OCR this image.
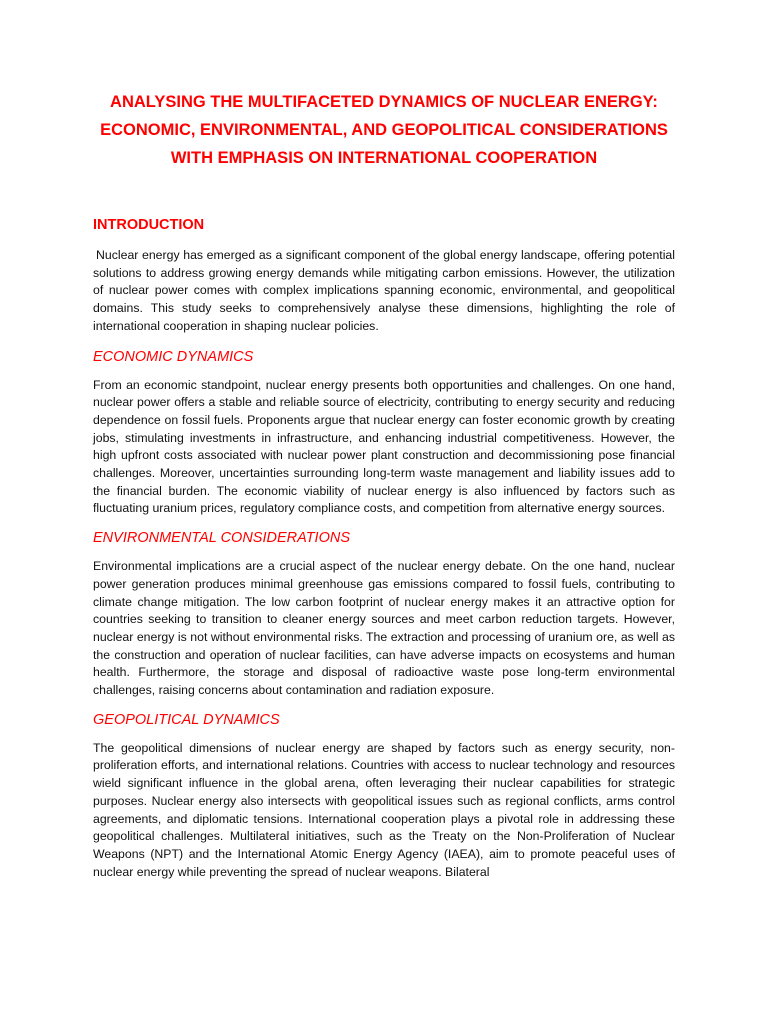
ANALYSING THE MULTIFACETED DYNAMICS OF NUCLEAR ENERGY: ECONOMIC, ENVIRONMENTAL, AND GEOPOLITICAL CONSIDERATIONS WITH EMPHASIS ON INTERNATIONAL COOPERATION
INTRODUCTION

Nuclear energy has emerged as a significant component of the global energy landscape, offering potential solutions to address growing energy demands while mitigating carbon emissions. However, the utilization of nuclear power comes with complex implications spanning economic, environmental, and geopolitical domains. This study seeks to comprehensively analyse these dimensions, highlighting the role of international cooperation in shaping nuclear policies.

ECONOMIC DYNAMICS

From an economic standpoint, nuclear energy presents both opportunities and challenges. On one hand, nuclear power offers a stable and reliable source of electricity, contributing to energy security and reducing dependence on fossil fuels. Proponents argue that nuclear energy can foster economic growth by creating jobs, stimulating investments in infrastructure, and enhancing industrial competitiveness. However, the high upfront costs associated with nuclear power plant construction and decommissioning pose financial challenges. Moreover, uncertainties surrounding long-term waste management and liability issues add to the financial burden. The economic viability of nuclear energy is also influenced by factors such as fluctuating uranium prices, regulatory compliance costs, and competition from alternative energy sources.

ENVIRONMENTAL CONSIDERATIONS

Environmental implications are a crucial aspect of the nuclear energy debate. On the one hand, nuclear power generation produces minimal greenhouse gas emissions compared to fossil fuels, contributing to climate change mitigation. The low carbon footprint of nuclear energy makes it an attractive option for countries seeking to transition to cleaner energy sources and meet carbon reduction targets. However, nuclear energy is not without environmental risks. The extraction and processing of uranium ore, as well as the construction and operation of nuclear facilities, can have adverse impacts on ecosystems and human health. Furthermore, the storage and disposal of radioactive waste pose long-term environmental challenges, raising concerns about contamination and radiation exposure.

GEOPOLITICAL DYNAMICS

The geopolitical dimensions of nuclear energy are shaped by factors such as energy security, non-proliferation efforts, and international relations. Countries with access to nuclear technology and resources wield significant influence in the global arena, often leveraging their nuclear capabilities for strategic purposes. Nuclear energy also intersects with geopolitical issues such as regional conflicts, arms control agreements, and diplomatic tensions. International cooperation plays a pivotal role in addressing these geopolitical challenges. Multilateral initiatives, such as the Treaty on the Non-Proliferation of Nuclear Weapons (NPT) and the International Atomic Energy Agency (IAEA), aim to promote peaceful uses of nuclear energy while preventing the spread of nuclear weapons. Bilateral
